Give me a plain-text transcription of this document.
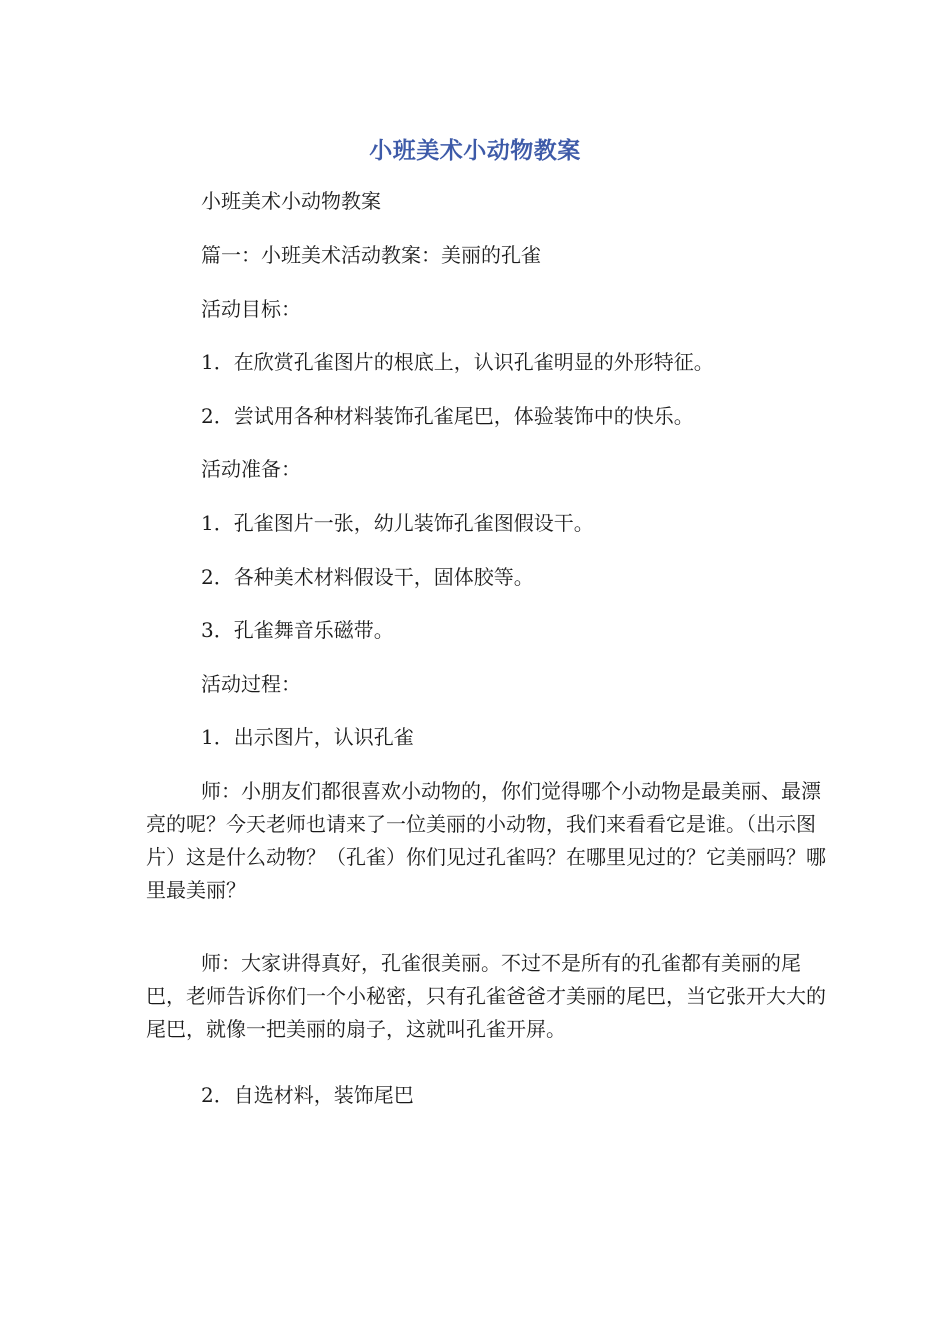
小班美术小动物教案

小班美术小动物教案

篇一：小班美术活动教案：美丽的孔雀

活动目标：

1．在欣赏孔雀图片的根底上，认识孔雀明显的外形特征。

2．尝试用各种材料装饰孔雀尾巴，体验装饰中的快乐。

活动准备：

1．孔雀图片一张，幼儿装饰孔雀图假设干。

2．各种美术材料假设干，固体胶等。

3．孔雀舞音乐磁带。

活动过程：

1．出示图片，认识孔雀

师：小朋友们都很喜欢小动物的，你们觉得哪个小动物是最美丽、最漂亮的呢？今天老师也请来了一位美丽的小动物，我们来看看它是谁。（出示图片）这是什么动物？（孔雀）你们见过孔雀吗？在哪里见过的？它美丽吗？哪里最美丽？

师：大家讲得真好，孔雀很美丽。不过不是所有的孔雀都有美丽的尾巴，老师告诉你们一个小秘密，只有孔雀爸爸才美丽的尾巴，当它张开大大的尾巴，就像一把美丽的扇子，这就叫孔雀开屏。

2．自选材料，装饰尾巴
